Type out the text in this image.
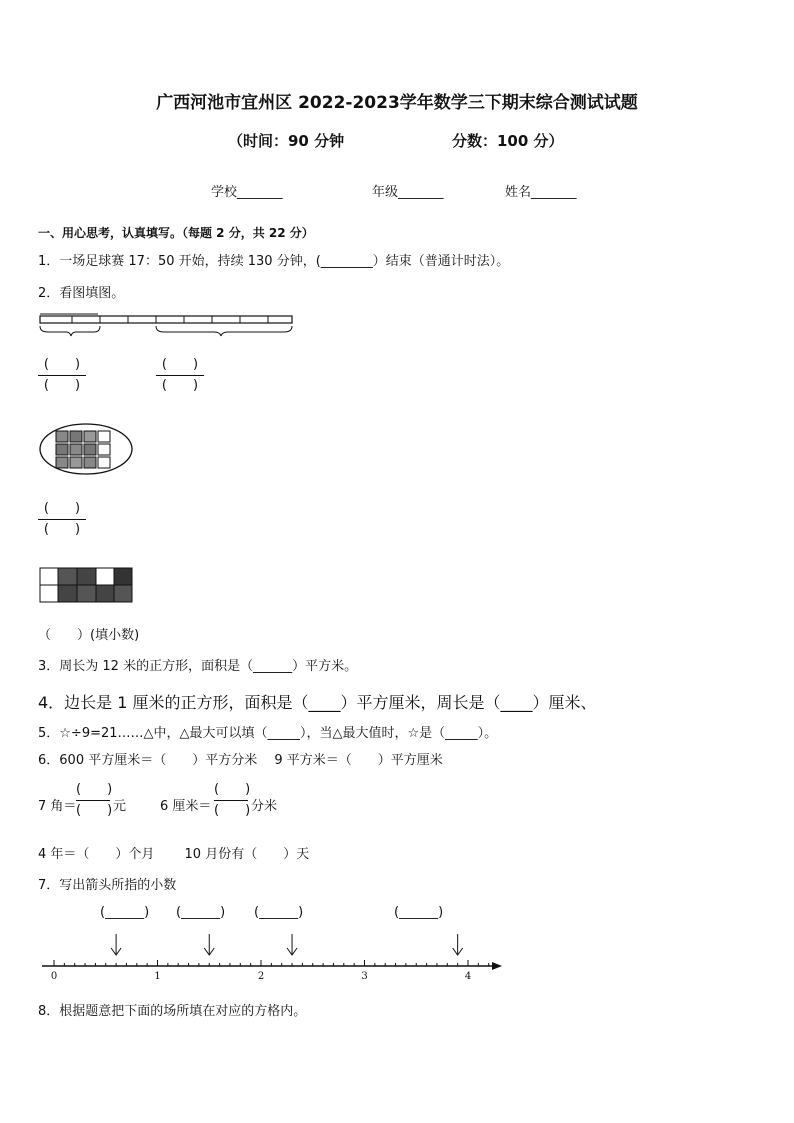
广西河池市宜州区 2022-2023学年数学三下期末综合测试试题
（时间：90 分钟	分数：100 分）
学校_______	年级_______	姓名_______
一、用心思考，认真填写。（每题 2 分，共 22 分）
1．一场足球赛 17：50 开始，持续 130 分钟，(________）结束（普通计时法）。
2．看图填图。
(　　)
(　　)
(　　)
(　　)
(　　)
(　　)
（　　）(填小数)
3．周长为 12 米的正方形，面积是（______）平方米。
4．边长是 1 厘米的正方形，面积是（____）平方厘米，周长是（____）厘米、
5．☆÷9=21……△中，△最大可以填（_____），当△最大值时，☆是（_____）。
6．600 平方厘米＝（　　）平方分米　 9 平方米＝（　　）平方厘米
7 角＝
(　　)
(　　) 元	6 厘米＝
(　　)
(　　) 分米
4 年＝（　　）个月　　 10 月份有（　　）天
7．写出箭头所指的小数
(______) (______) (______)	(______)
0	1	2	3	4
8．根据题意把下面的场所填在对应的方格内。
